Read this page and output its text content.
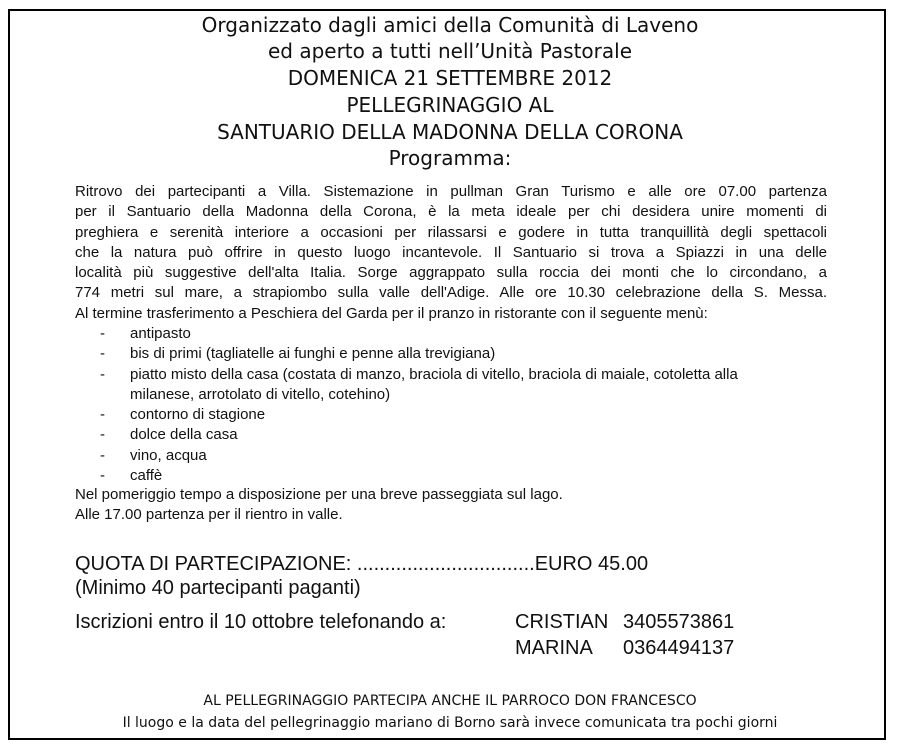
Organizzato dagli amici della Comunità di Laveno
ed aperto a tutti nell’Unità Pastorale
DOMENICA 21 SETTEMBRE 2012
PELLEGRINAGGIO AL
SANTUARIO DELLA MADONNA DELLA CORONA
Programma:
Ritrovo dei partecipanti a Villa. Sistemazione in pullman Gran Turismo e alle ore 07.00 partenza
per il Santuario della Madonna della Corona, è la meta ideale per chi desidera unire momenti di
preghiera e serenità interiore a occasioni per rilassarsi e godere in tutta tranquillità degli spettacoli
che la natura può offrire in questo luogo incantevole. Il Santuario si trova a Spiazzi in una delle
località più suggestive dell'alta Italia. Sorge aggrappato sulla roccia dei monti che lo circondano, a
774 metri sul mare, a strapiombo sulla valle dell'Adige. Alle ore 10.30 celebrazione della S. Messa.
Al termine trasferimento a Peschiera del Garda per il pranzo in ristorante con il seguente menù:
- antipasto
- bis di primi (tagliatelle ai funghi e penne alla trevigiana)
- piatto misto della casa (costata di manzo, braciola di vitello, braciola di maiale, cotoletta alla
milanese, arrotolato di vitello, cotehino)
- contorno di stagione
- dolce della casa
- vino, acqua
- caffè
Nel pomeriggio tempo a disposizione per una breve passeggiata sul lago.
Alle 17.00 partenza per il rientro in valle.
QUOTA DI PARTECIPAZIONE: ................................EURO 45.00
(Minimo 40 partecipanti paganti)
Iscrizioni entro il 10 ottobre telefonando a:	CRISTIAN 3405573861
MARINA 0364494137
AL PELLEGRINAGGIO PARTECIPA ANCHE IL PARROCO DON FRANCESCO
Il luogo e la data del pellegrinaggio mariano di Borno sarà invece comunicata tra pochi giorni
